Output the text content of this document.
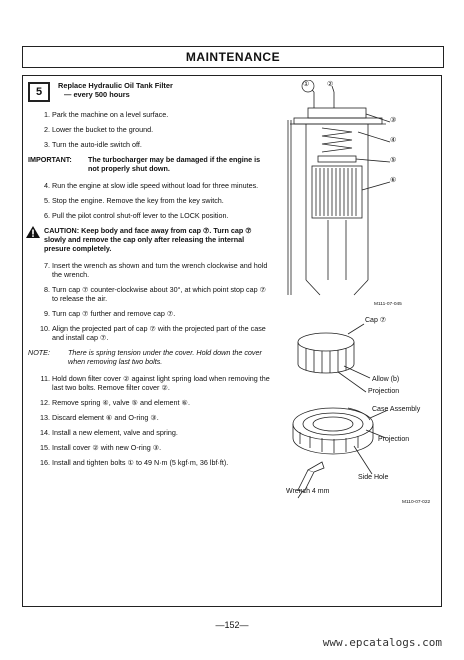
MAINTENANCE
5
Replace Hydraulic Oil Tank Filter
— every 500 hours
1. Park the machine on a level surface.
2. Lower the bucket to the ground.
3. Turn the auto-idle switch off.
IMPORTANT:	The turbocharger may be damaged if the engine is not properly shut down.
4. Run the engine at slow idle speed without load for three minutes.
5. Stop the engine. Remove the key from the key switch.
6. Pull the pilot control shut-off lever to the LOCK position.
CAUTION: Keep body and face away from cap ⑦. Turn cap ⑦ slowly and remove the cap only after releasing the internal presure completely.
7. Insert the wrench as shown and turn the wrench clockwise and hold the wrench.
8. Turn cap ⑦ counter-clockwise about 30°, at which point stop cap ⑦ to release the air.
9. Turn cap ⑦ further and remove cap ⑦.
10. Align the projected part of cap ⑦ with the projected part of the case and install cap ⑦.
NOTE:	There is spring tension under the cover. Hold down the cover when removing last two bolts.
11. Hold down filter cover ② against light spring load when removing the last two bolts. Remove filter cover ②.
12. Remove spring ④, valve ⑤ and element ⑥.
13. Discard element ⑥ and O-ring ③.
14. Install a new element, valve and spring.
15. Install cover ② with new O-ring ③.
16. Install and tighten bolts ① to 49 N·m (5 kgf·m, 36 lbf·ft).
①	②
③
④
⑤
⑥
M111-07-045
Cap ⑦
Allow (b)
Projection
Case Assembly
Projection
Side Hole
Wrench 4 mm
M110-07-022
—152—
www.epcatalogs.com
